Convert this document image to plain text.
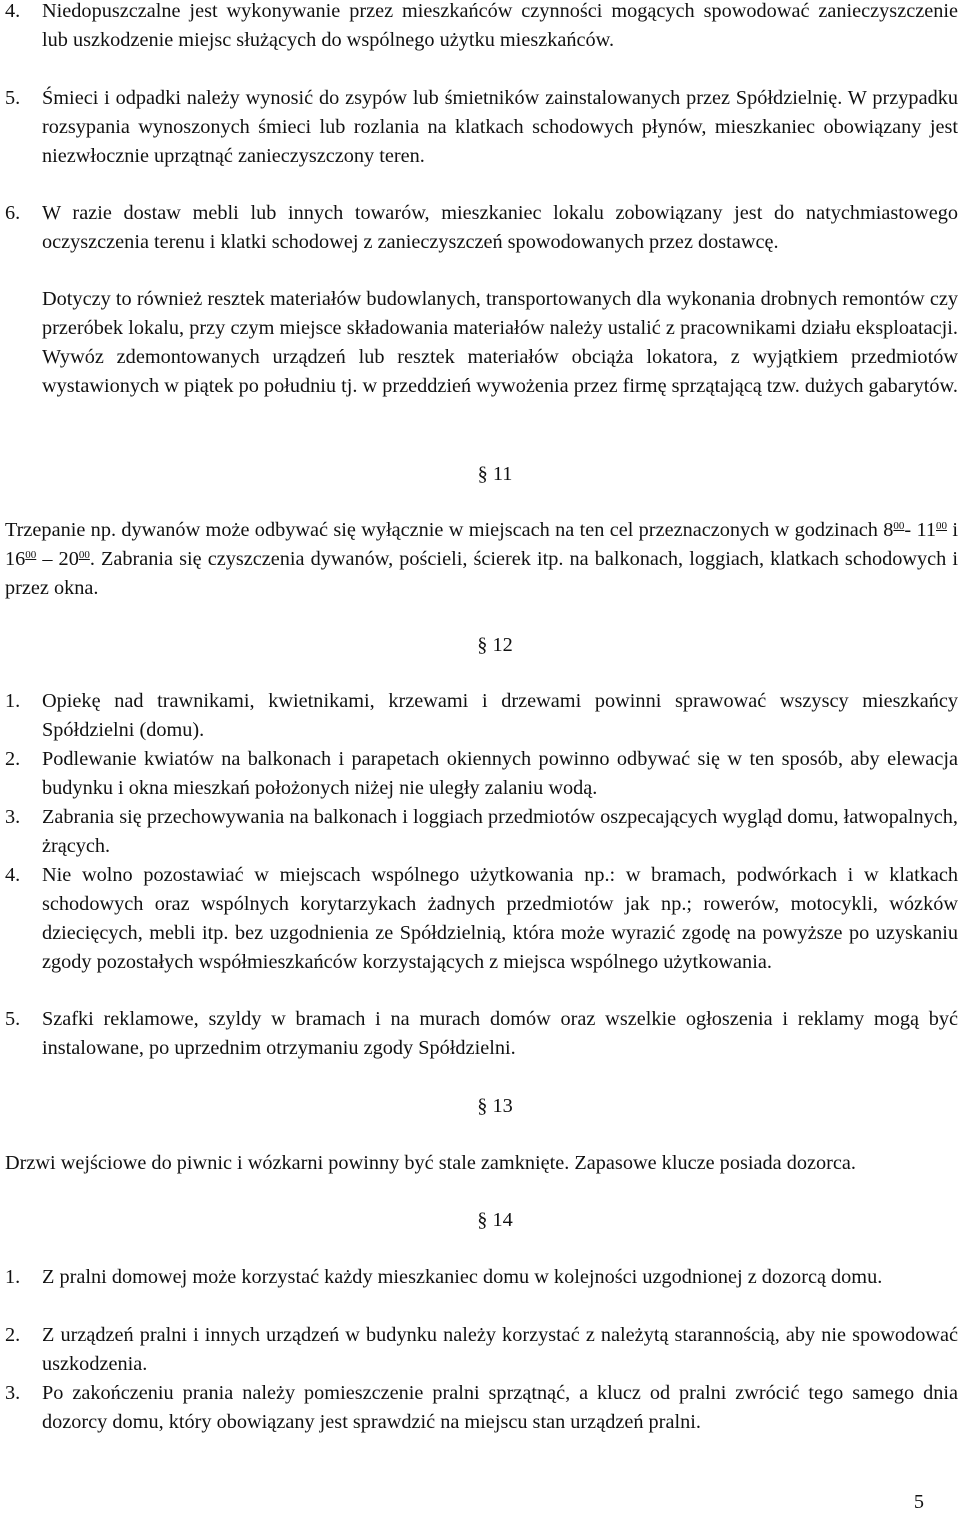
4. Niedopuszczalne jest wykonywanie przez mieszkańców czynności mogących spowodować zanieczyszczenie lub uszkodzenie miejsc służących do wspólnego użytku mieszkańców.
5. Śmieci i odpadki należy wynosić do zsypów lub śmietników zainstalowanych przez Spółdzielnię. W przypadku rozsypania wynoszonych śmieci lub rozlania na klatkach schodowych płynów, mieszkaniec obowiązany jest niezwłocznie uprzątnąć zanieczyszczony teren.
6. W razie dostaw mebli lub innych towarów, mieszkaniec lokalu zobowiązany jest do natychmiastowego oczyszczenia terenu i klatki schodowej z zanieczyszczeń spowodowanych przez dostawcę.
Dotyczy to również resztek materiałów budowlanych, transportowanych dla wykonania drobnych remontów czy przeróbek lokalu, przy czym miejsce składowania materiałów należy ustalić z pracownikami działu eksploatacji. Wywóz zdemontowanych urządzeń lub resztek materiałów obciąża lokatora, z wyjątkiem przedmiotów wystawionych w piątek po południu tj. w przeddzień wywożenia przez firmę sprzątającą tzw. dużych gabarytów.
§ 11
Trzepanie np. dywanów może odbywać się wyłącznie w miejscach na ten cel przeznaczonych w godzinach $8^{00}-$ $11^{00}$ i $16^{00} - 20^{00}$. Zabrania się czyszczenia dywanów, pościeli, ścierek itp. na balkonach, loggiach, klatkach schodowych i przez okna.
§ 12
1. Opiekę nad trawnikami, kwietnikami, krzewami i drzewami powinni sprawować wszyscy mieszkańcy Spółdzielni (domu).
2. Podlewanie kwiatów na balkonach i parapetach okiennych powinno odbywać się w ten sposób, aby elewacja budynku i okna mieszkań położonych niżej nie uległy zalaniu wodą.
3. Zabrania się przechowywania na balkonach i loggiach przedmiotów oszpecających wygląd domu, łatwopalnych, żrących.
4. Nie wolno pozostawiać w miejscach wspólnego użytkowania np.: w bramach, podwórkach i w klatkach schodowych oraz wspólnych korytarzykach żadnych przedmiotów jak np.; rowerów, motocykli, wózków dziecięcych, mebli itp. bez uzgodnienia ze Spółdzielnią, która może wyrazić zgodę na powyższe po uzyskaniu zgody pozostałych współmieszkańców korzystających z miejsca wspólnego użytkowania.
5. Szafki reklamowe, szyldy w bramach i na murach domów oraz wszelkie ogłoszenia i reklamy mogą być instalowane, po uprzednim otrzymaniu zgody Spółdzielni.
§ 13
Drzwi wejściowe do piwnic i wózkarni powinny być stale zamknięte. Zapasowe klucze posiada dozorca.
§ 14
1. Z pralni domowej może korzystać każdy mieszkaniec domu w kolejności uzgodnionej z dozorcą domu.
2. Z urządzeń pralni i innych urządzeń w budynku należy korzystać z należytą starannością, aby nie spowodować uszkodzenia.
3. Po zakończeniu prania należy pomieszczenie pralni sprzątnąć, a klucz od pralni zwrócić tego samego dnia dozorcy domu, który obowiązany jest sprawdzić na miejscu stan urządzeń pralni.
5
